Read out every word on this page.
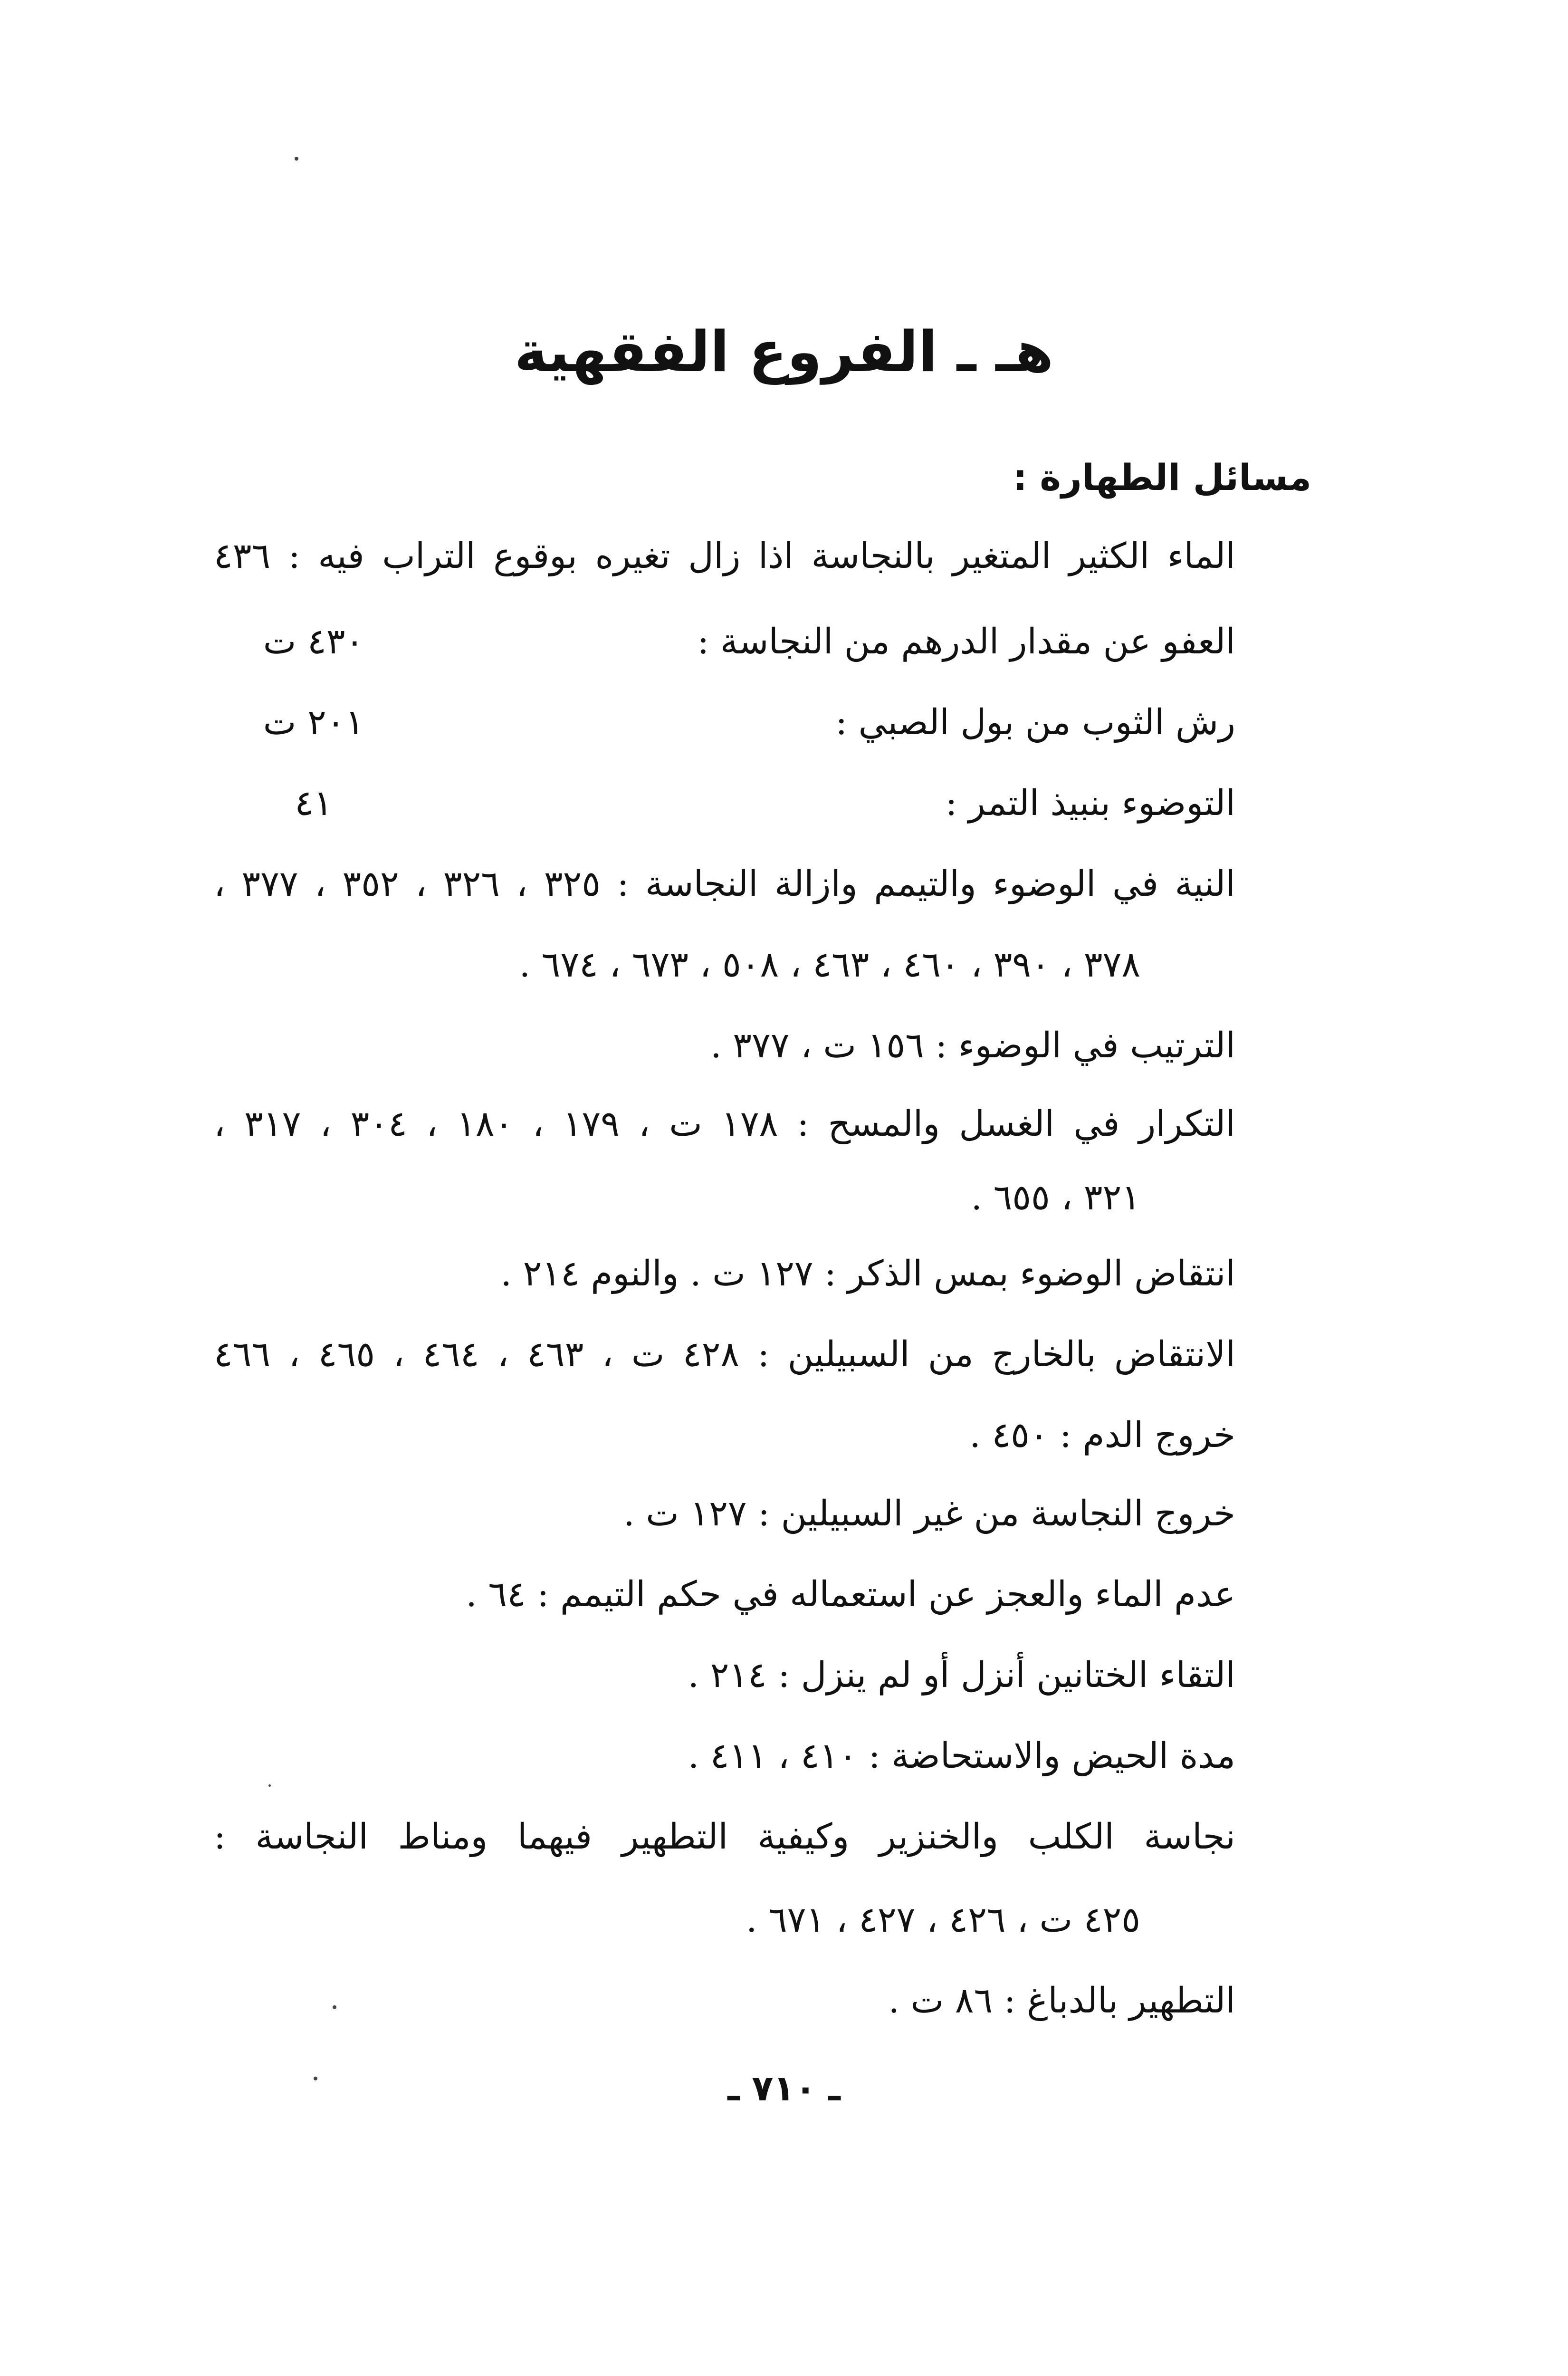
هـ ـ الفروع الفقهية
مسائل الطهارة :
الماء الكثير المتغير بالنجاسة اذا زال تغيره بوقوع التراب فيه : ٤٣٦
العفو عن مقدار الدرهم من النجاسة :
٤٣٠ ت
رش الثوب من بول الصبي :
٢٠١ ت
التوضوء بنبيذ التمر :
٤١
النية في الوضوء والتيمم وازالة النجاسة : ٣٢٥ ، ٣٢٦ ، ٣٥٢ ، ٣٧٧ ،
٣٧٨ ، ٣٩٠ ، ٤٦٠ ، ٤٦٣ ، ٥٠٨ ، ٦٧٣ ، ٦٧٤ .
الترتيب في الوضوء : ١٥٦ ت ، ٣٧٧ .
التكرار في الغسل والمسح : ١٧٨ ت ، ١٧٩ ، ١٨٠ ، ٣٠٤ ، ٣١٧ ،
٣٢١ ، ٦٥٥ .
انتقاض الوضوء بمس الذكر : ١٢٧ ت . والنوم ٢١٤ .
الانتقاض بالخارج من السبيلين : ٤٢٨ ت ، ٤٦٣ ، ٤٦٤ ، ٤٦٥ ، ٤٦٦
خروج الدم : ٤٥٠ .
خروج النجاسة من غير السبيلين : ١٢٧ ت .
عدم الماء والعجز عن استعماله في حكم التيمم : ٦٤ .
التقاء الختانين أنزل أو لم ينزل : ٢١٤ .
مدة الحيض والاستحاضة : ٤١٠ ، ٤١١ .
نجاسة الكلب والخنزير وكيفية التطهير فيهما ومناط النجاسة :
٤٢٥ ت ، ٤٢٦ ، ٤٢٧ ، ٦٧١ .
التطهير بالدباغ : ٨٦ ت .
ـ ٧١٠ ـ
